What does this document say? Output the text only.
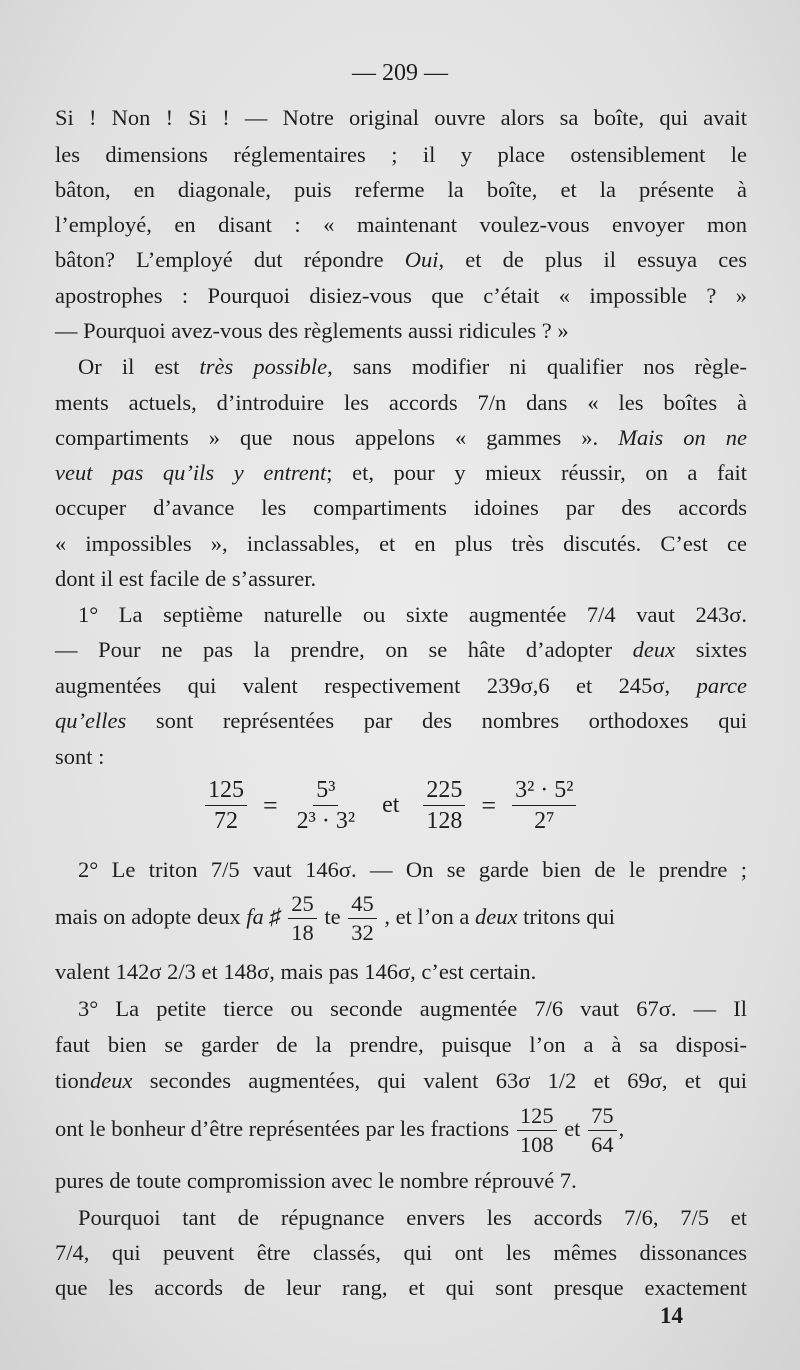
— 209 —
Si ! Non ! Si ! — Notre original ouvre alors sa boîte, qui avait
les dimensions réglementaires ; il y place ostensiblement le
bâton, en diagonale, puis referme la boîte, et la présente à
l’employé, en disant : « maintenant voulez-vous envoyer mon
bâton? L’employé dut répondre Oui, et de plus il essuya ces
apostrophes : Pourquoi disiez-vous que c’était « impossible ? »
— Pourquoi avez-vous des règlements aussi ridicules ? »
Or il est très possible, sans modifier ni qualifier nos règle-
ments actuels, d’introduire les accords 7/n dans « les boîtes à
compartiments » que nous appelons « gammes ». Mais on ne
veut pas qu’ils y entrent; et, pour y mieux réussir, on a fait
occuper d’avance les compartiments idoines par des accords
« impossibles », inclassables, et en plus très discutés. C’est ce
dont il est facile de s’assurer.
1° La septième naturelle ou sixte augmentée 7/4 vaut 243σ.
— Pour ne pas la prendre, on se hâte d’adopter deux sixtes
augmentées qui valent respectivement 239σ,6 et 245σ, parce
qu’elles sont représentées par des nombres orthodoxes qui
sont :
$\frac{125}{72} = \frac{\text{5³}}{\text{2³ · 3²}}$ et $\frac{225}{128} = \frac{\text{3² · 5²}}{\text{2⁷}}$
2° Le triton 7/5 vaut 146σ. — On se garde bien de le prendre ;
mais on adopte deux fa ♯ $\frac{25}{18}$ te $\frac{45}{32}$ , et l’on a deux tritons qui
valent 142σ 2/3 et 148σ, mais pas 146σ, c’est certain.
3° La petite tierce ou seconde augmentée 7/6 vaut 67σ. — Il
faut bien se garder de la prendre, puisque l’on a à sa disposi-
tiondeux secondes augmentées, qui valent 63σ 1/2 et 69σ, et qui
ont le bonheur d’être représentées par les fractions $\frac{125}{108}$ et $\frac{75}{64}$ ,
pures de toute compromission avec le nombre réprouvé 7.
Pourquoi tant de répugnance envers les accords 7/6, 7/5 et
7/4, qui peuvent être classés, qui ont les mêmes dissonances
que les accords de leur rang, et qui sont presque exactement
14
